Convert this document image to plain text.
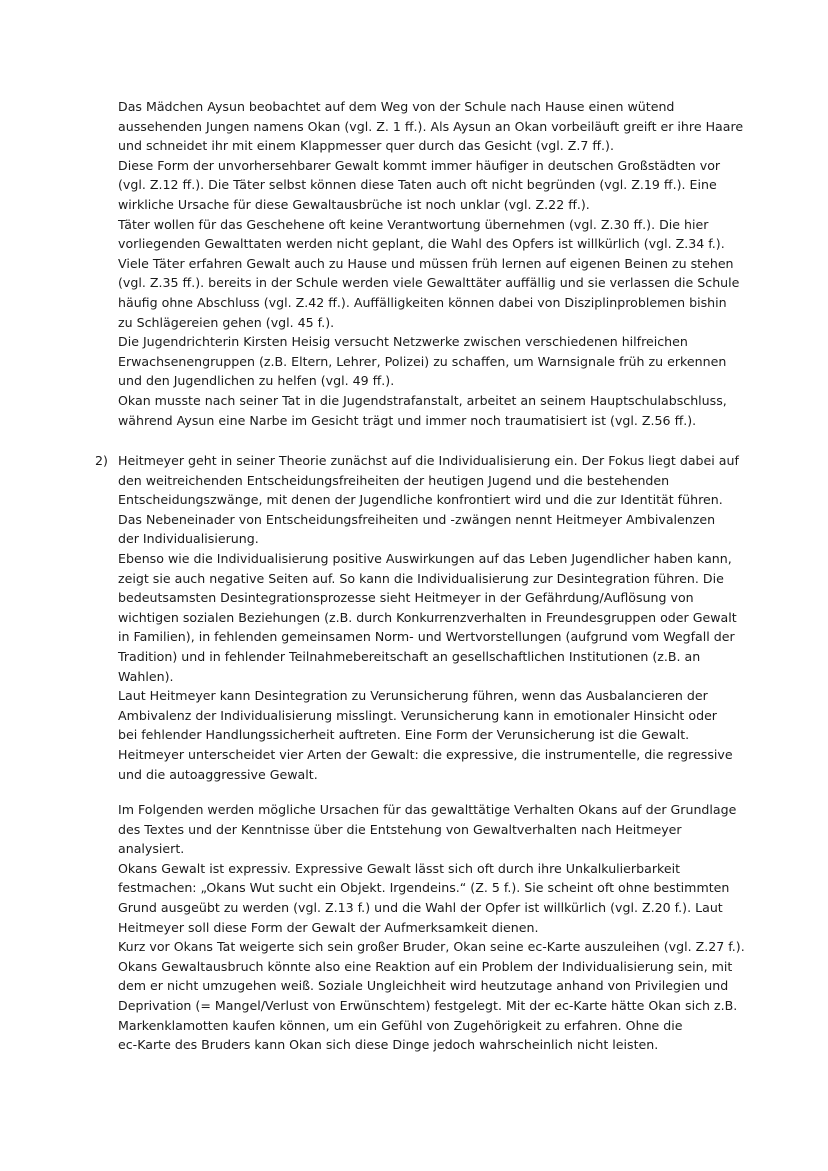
Das Mädchen Aysun beobachtet auf dem Weg von der Schule nach Hause einen wütend
aussehenden Jungen namens Okan (vgl. Z. 1 ff.). Als Aysun an Okan vorbeiläuft greift er ihre Haare
und schneidet ihr mit einem Klappmesser quer durch das Gesicht (vgl. Z.7 ff.).
Diese Form der unvorhersehbarer Gewalt kommt immer häufiger in deutschen Großstädten vor
(vgl. Z.12 ff.). Die Täter selbst können diese Taten auch oft nicht begründen (vgl. Z.19 ff.). Eine
wirkliche Ursache für diese Gewaltausbrüche ist noch unklar (vgl. Z.22 ff.).
Täter wollen für das Geschehene oft keine Verantwortung übernehmen (vgl. Z.30 ff.). Die hier
vorliegenden Gewalttaten werden nicht geplant, die Wahl des Opfers ist willkürlich (vgl. Z.34 f.).
Viele Täter erfahren Gewalt auch zu Hause und müssen früh lernen auf eigenen Beinen zu stehen
(vgl. Z.35 ff.). bereits in der Schule werden viele Gewalttäter auffällig und sie verlassen die Schule
häufig ohne Abschluss (vgl. Z.42 ff.). Auffälligkeiten können dabei von Disziplinproblemen bishin
zu Schlägereien gehen (vgl. 45 f.).
Die Jugendrichterin Kirsten Heisig versucht Netzwerke zwischen verschiedenen hilfreichen
Erwachsenengruppen (z.B. Eltern, Lehrer, Polizei) zu schaffen, um Warnsignale früh zu erkennen
und den Jugendlichen zu helfen (vgl. 49 ff.).
Okan musste nach seiner Tat in die Jugendstrafanstalt, arbeitet an seinem Hauptschulabschluss,
während Aysun eine Narbe im Gesicht trägt und immer noch traumatisiert ist (vgl. Z.56 ff.).
2) Heitmeyer geht in seiner Theorie zunächst auf die Individualisierung ein. Der Fokus liegt dabei auf
den weitreichenden Entscheidungsfreiheiten der heutigen Jugend und die bestehenden
Entscheidungszwänge, mit denen der Jugendliche konfrontiert wird und die zur Identität führen.
Das Nebeneinader von Entscheidungsfreiheiten und -zwängen nennt Heitmeyer Ambivalenzen
der Individualisierung.
Ebenso wie die Individualisierung positive Auswirkungen auf das Leben Jugendlicher haben kann,
zeigt sie auch negative Seiten auf. So kann die Individualisierung zur Desintegration führen. Die
bedeutsamsten Desintegrationsprozesse sieht Heitmeyer in der Gefährdung/Auflösung von
wichtigen sozialen Beziehungen (z.B. durch Konkurrenzverhalten in Freundesgruppen oder Gewalt
in Familien), in fehlenden gemeinsamen Norm- und Wertvorstellungen (aufgrund vom Wegfall der
Tradition) und in fehlender Teilnahmebereitschaft an gesellschaftlichen Institutionen (z.B. an
Wahlen).
Laut Heitmeyer kann Desintegration zu Verunsicherung führen, wenn das Ausbalancieren der
Ambivalenz der Individualisierung misslingt. Verunsicherung kann in emotionaler Hinsicht oder
bei fehlender Handlungssicherheit auftreten. Eine Form der Verunsicherung ist die Gewalt.
Heitmeyer unterscheidet vier Arten der Gewalt: die expressive, die instrumentelle, die regressive
und die autoaggressive Gewalt.
Im Folgenden werden mögliche Ursachen für das gewalttätige Verhalten Okans auf der Grundlage
des Textes und der Kenntnisse über die Entstehung von Gewaltverhalten nach Heitmeyer
analysiert.
Okans Gewalt ist expressiv. Expressive Gewalt lässt sich oft durch ihre Unkalkulierbarkeit
festmachen: „Okans Wut sucht ein Objekt. Irgendeins.“ (Z. 5 f.). Sie scheint oft ohne bestimmten
Grund ausgeübt zu werden (vgl. Z.13 f.) und die Wahl der Opfer ist willkürlich (vgl. Z.20 f.). Laut
Heitmeyer soll diese Form der Gewalt der Aufmerksamkeit dienen.
Kurz vor Okans Tat weigerte sich sein großer Bruder, Okan seine ec-Karte auszuleihen (vgl. Z.27 f.).
Okans Gewaltausbruch könnte also eine Reaktion auf ein Problem der Individualisierung sein, mit
dem er nicht umzugehen weiß. Soziale Ungleichheit wird heutzutage anhand von Privilegien und
Deprivation (= Mangel/Verlust von Erwünschtem) festgelegt. Mit der ec-Karte hätte Okan sich z.B.
Markenklamotten kaufen können, um ein Gefühl von Zugehörigkeit zu erfahren. Ohne die
ec-Karte des Bruders kann Okan sich diese Dinge jedoch wahrscheinlich nicht leisten.
